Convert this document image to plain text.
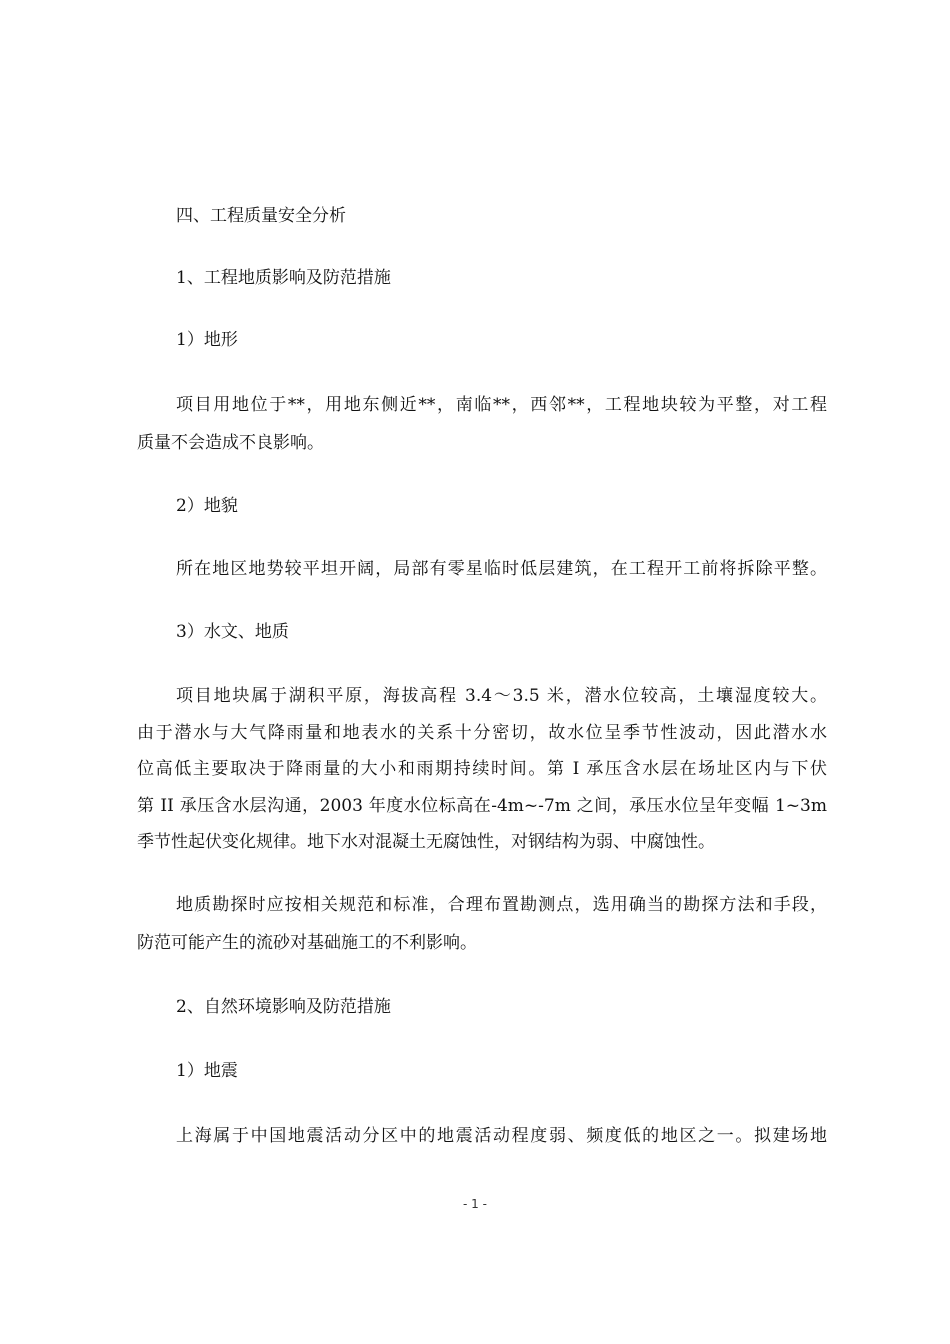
四、工程质量安全分析
1、工程地质影响及防范措施
1）地形
项目用地位于**，用地东侧近**，南临**，西邻**，工程地块较为平整，对工程
质量不会造成不良影响。
2）地貌
所在地区地势较平坦开阔，局部有零星临时低层建筑，在工程开工前将拆除平整。
3）水文、地质
项目地块属于湖积平原，海拔高程 3.4～3.5 米，潜水位较高，土壤湿度较大。
由于潜水与大气降雨量和地表水的关系十分密切，故水位呈季节性波动，因此潜水水
位高低主要取决于降雨量的大小和雨期持续时间。第 I 承压含水层在场址区内与下伏
第 II 承压含水层沟通，2003 年度水位标高在-4m~-7m 之间，承压水位呈年变幅 1~3m
季节性起伏变化规律。地下水对混凝土无腐蚀性，对钢结构为弱、中腐蚀性。
地质勘探时应按相关规范和标准，合理布置勘测点，选用确当的勘探方法和手段，
防范可能产生的流砂对基础施工的不利影响。
2、自然环境影响及防范措施
1）地震
上海属于中国地震活动分区中的地震活动程度弱、频度低的地区之一。拟建场地
- 1 -
